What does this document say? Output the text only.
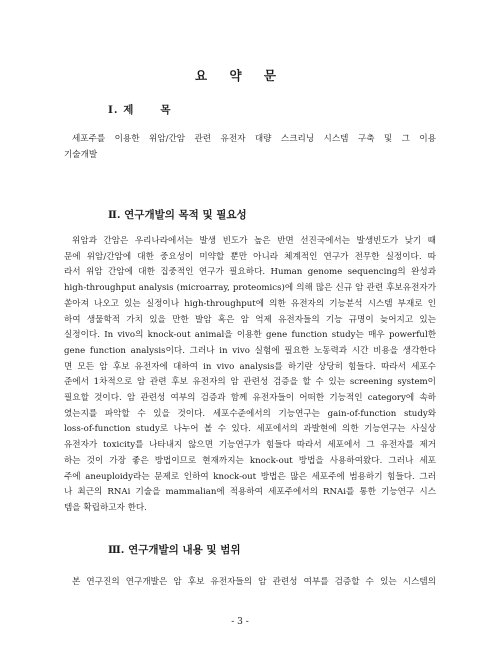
요 약 문
Ⅰ. 제 목
세포주를 이용한 위암/간암 관련 유전자 대량 스크리닝 시스템 구축 및 그 이용
기술개발
Ⅱ. 연구개발의 목적 및 필요성
위암과 간암은 우리나라에서는 발생 빈도가 높은 반면 선진국에서는 발생빈도가 낮기 때
문에 위암/간암에 대한 중요성이 미약할 뿐만 아니라 체계적인 연구가 전무한 실정이다. 따
라서 위암 간암에 대한 집중적인 연구가 필요하다. Human genome sequencing의 완성과
high-throughput analysis (microarray, proteomics)에 의해 많은 신규 암 관련 후보유전자가
쏟아져 나오고 있는 실정이나 high-throughput에 의한 유전자의 기능분석 시스템 부재로 인
하여 생물학적 가치 있을 만한 발암 혹은 암 억제 유전자들의 기능 규명이 늦어지고 있는
실정이다. In vivo의 knock-out animal을 이용한 gene function study는 매우 powerful한
gene function analysis이다. 그러나 in vivo 실험에 필요한 노동력과 시간 비용을 생각한다
면 모든 암 후보 유전자에 대하여 in vivo analysis를 하기란 상당히 힘들다. 따라서 세포수
준에서 1차적으로 암 관련 후보 유전자의 암 관련성 검증을 할 수 있는 screening system이
필요할 것이다. 암 관련성 여부의 검증과 함께 유전자들이 어떠한 기능적인 category에 속하
였는지를 파악할 수 있을 것이다. 세포수준에서의 기능연구는 gain-of-function study와
loss-of-function study로 나누어 볼 수 있다. 세포에서의 과발현에 의한 기능연구는 사실상
유전자가 toxicity를 나타내지 않으면 기능연구가 힘들다 따라서 세포에서 그 유전자를 제거
하는 것이 가장 좋은 방법이므로 현재까지는 knock-out 방법을 사용하여왔다. 그러나 세포
주에 aneuploidy라는 문제로 인하여 knock-out 방법은 많은 세포주에 범용하기 힘들다. 그러
나 최근의 RNAi 기술을 mammalian에 적용하여 세포주에서의 RNAi를 통한 기능연구 시스
템을 확립하고자 한다.
Ⅲ. 연구개발의 내용 및 범위
본 연구진의 연구개발은 암 후보 유전자들의 암 관련성 여부를 검증할 수 있는 시스템의
- 3 -
